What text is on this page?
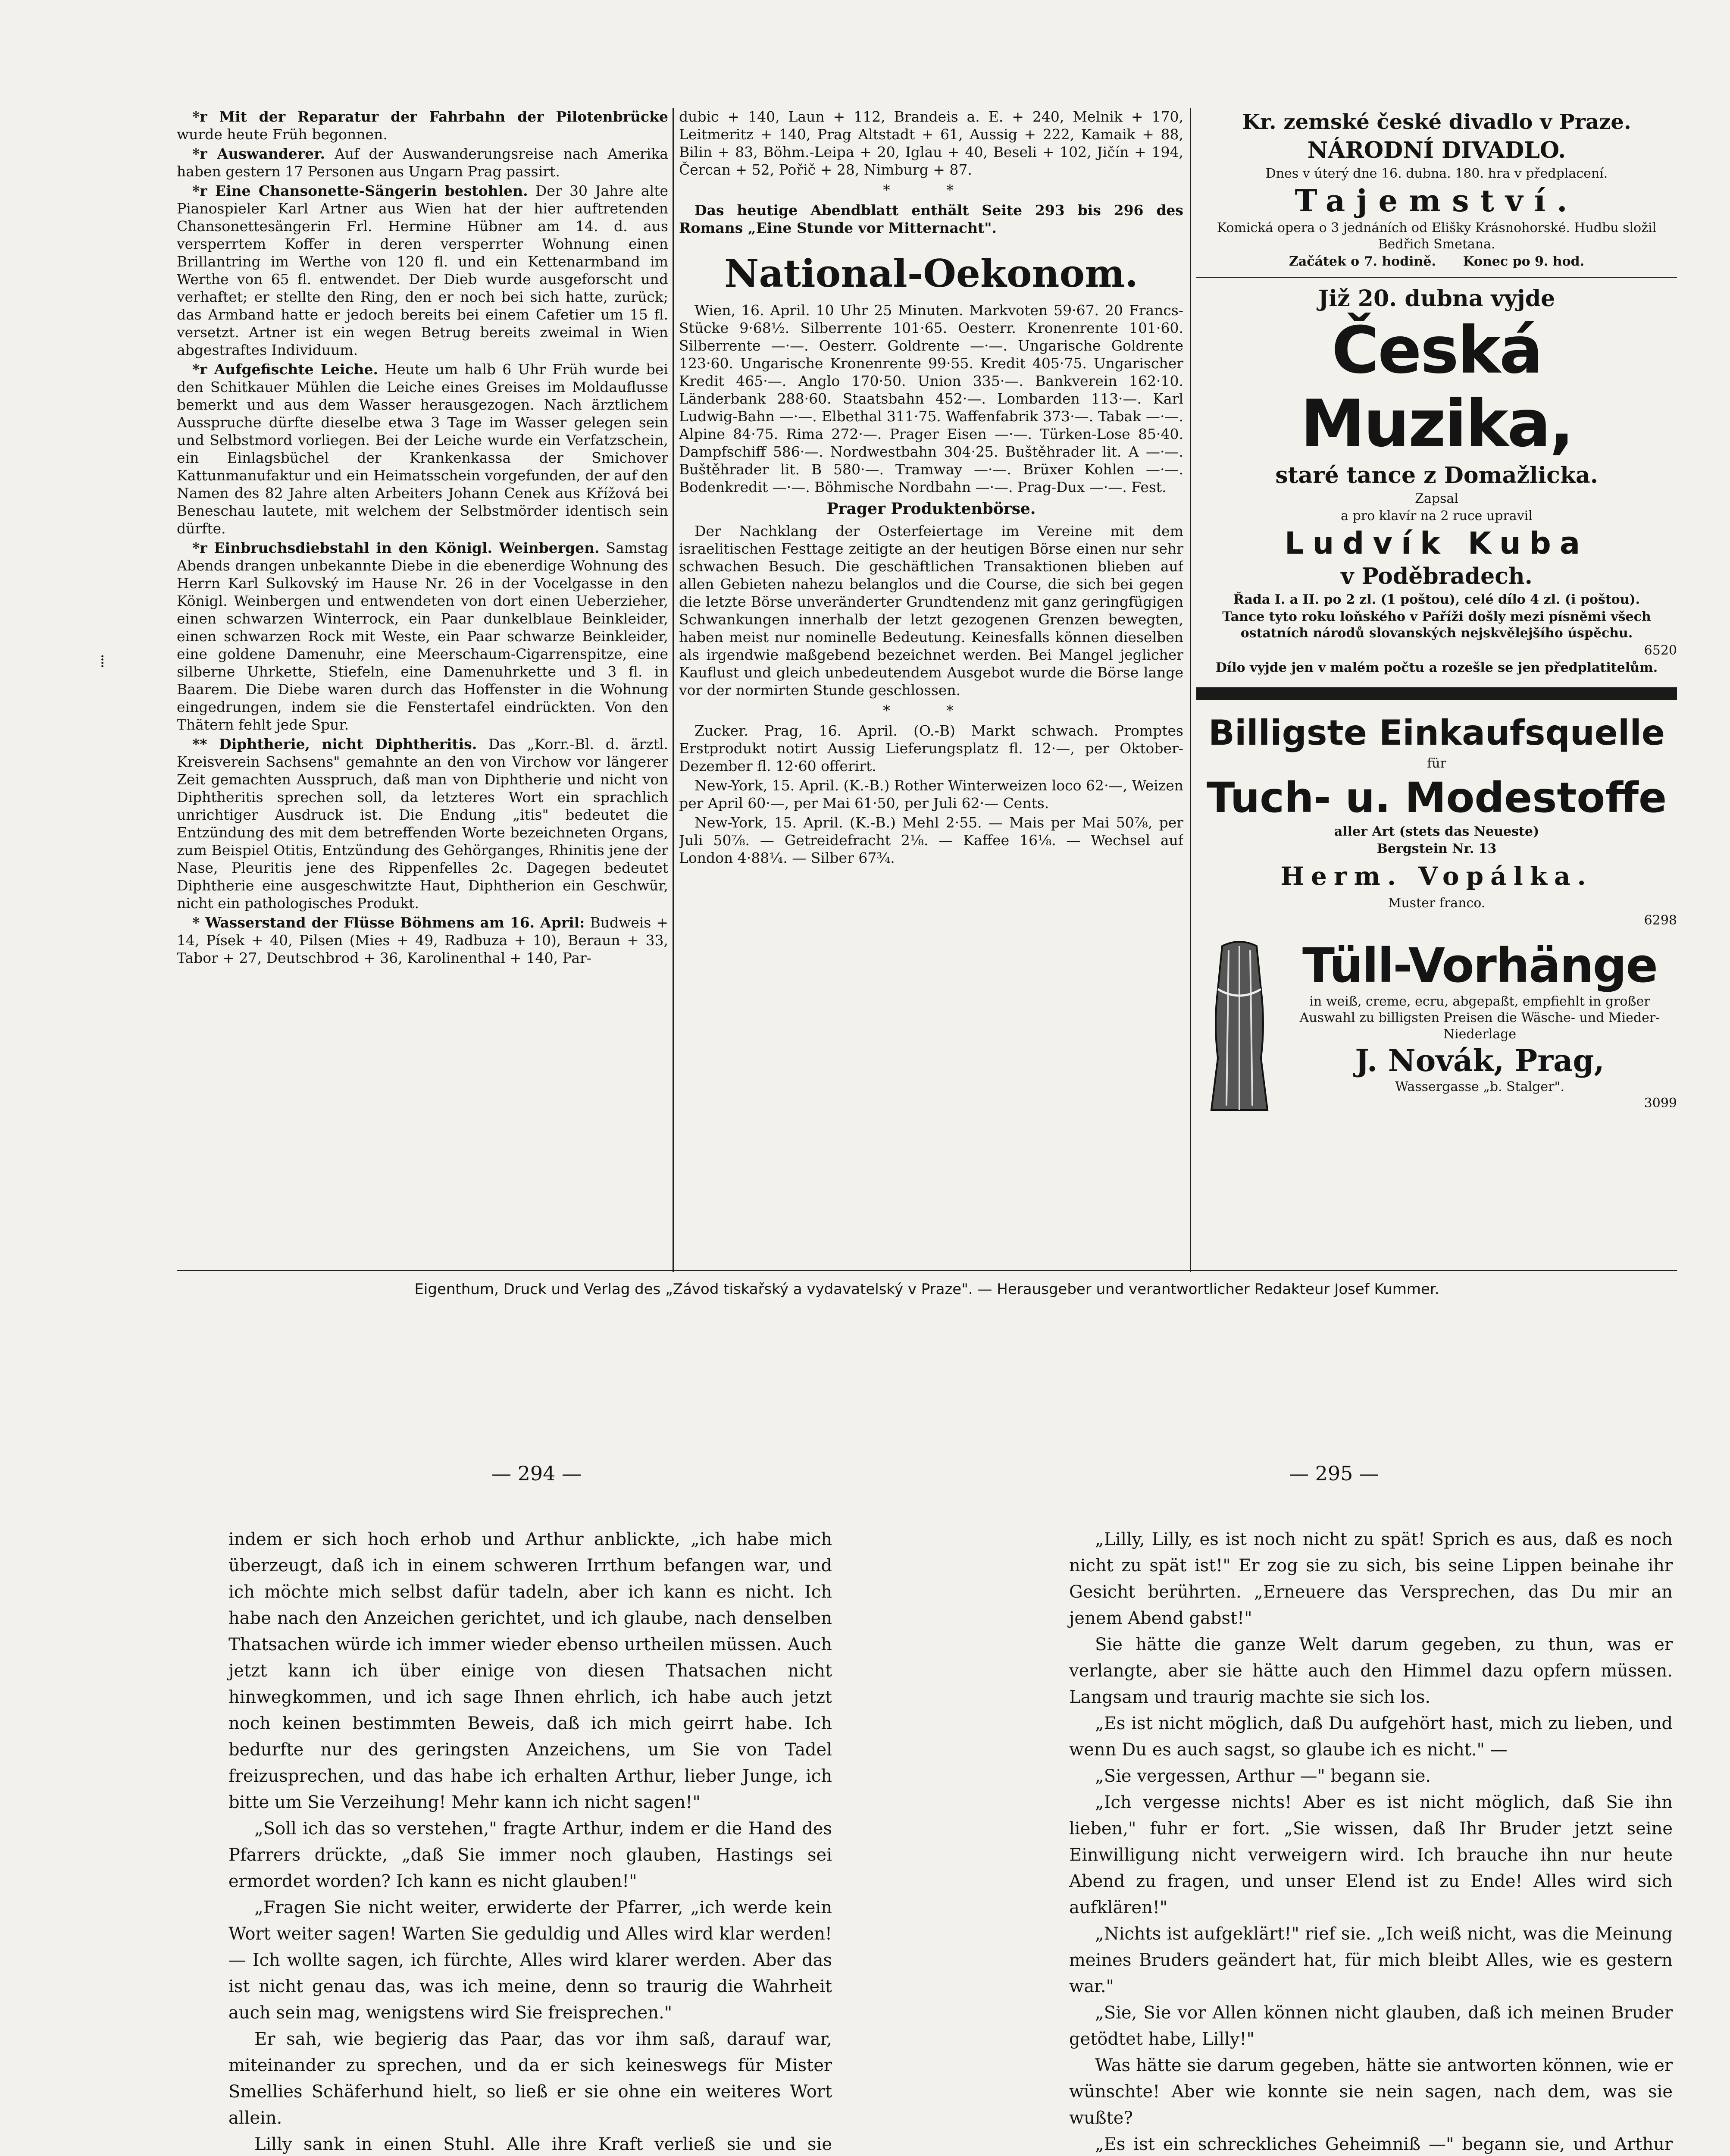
*r Mit der Reparatur der Fahrbahn der Pilotenbrücke wurde heute Früh begonnen.

*r Auswanderer. Auf der Auswanderungsreise nach Amerika haben gestern 17 Personen aus Ungarn Prag passirt.

*r Eine Chansonette-Sängerin bestohlen. Der 30 Jahre alte Pianospieler Karl Artner aus Wien hat der hier auftretenden Chansonettesängerin Frl. Hermine Hübner am 14. d. aus versperrtem Koffer in deren versperrter Wohnung einen Brillantring im Werthe von 120 fl. und ein Kettenarmband im Werthe von 65 fl. entwendet. Der Dieb wurde ausgeforscht und verhaftet; er stellte den Ring, den er noch bei sich hatte, zurück; das Armband hatte er jedoch bereits bei einem Cafetier um 15 fl. versetzt. Artner ist ein wegen Betrug bereits zweimal in Wien abgestraftes Individuum.

*r Aufgefischte Leiche. Heute um halb 6 Uhr Früh wurde bei den Schitkauer Mühlen die Leiche eines Greises im Moldauflusse bemerkt und aus dem Wasser herausgezogen. Nach ärztlichem Ausspruche dürfte dieselbe etwa 3 Tage im Wasser gelegen sein und Selbstmord vorliegen. Bei der Leiche wurde ein Verfatzschein, ein Einlagsbüchel der Krankenkassa der Smichover Kattunmanufaktur und ein Heimatsschein vorgefunden, der auf den Namen des 82 Jahre alten Arbeiters Johann Cenek aus Křížová bei Beneschau lautete, mit welchem der Selbstmörder identisch sein dürfte.

*r Einbruchsdiebstahl in den Königl. Weinbergen. Samstag Abends drangen unbekannte Diebe in die ebenerdige Wohnung des Herrn Karl Sulkovský im Hause Nr. 26 in der Vocelgasse in den Königl. Weinbergen und entwendeten von dort einen Ueberzieher, einen schwarzen Winterrock, ein Paar dunkelblaue Beinkleider, einen schwarzen Rock mit Weste, ein Paar schwarze Beinkleider, eine goldene Damenuhr, eine Meerschaum-Cigarrenspitze, eine silberne Uhrkette, Stiefeln, eine Damenuhrkette und 3 fl. in Baarem. Die Diebe waren durch das Hoffenster in die Wohnung eingedrungen, indem sie die Fenstertafel eindrückten. Von den Thätern fehlt jede Spur.

** Diphtherie, nicht Diphtheritis. Das „Korr.-Bl. d. ärztl. Kreisverein Sachsens" gemahnte an den von Virchow vor längerer Zeit gemachten Ausspruch, daß man von Diphtherie und nicht von Diphtheritis sprechen soll, da letzteres Wort ein sprachlich unrichtiger Ausdruck ist. Die Endung „itis" bedeutet die Entzündung des mit dem betreffenden Worte bezeichneten Organs, zum Beispiel Otitis, Entzündung des Gehörganges, Rhinitis jene der Nase, Pleuritis jene des Rippenfelles 2c. Dagegen bedeutet Diphtherie eine ausgeschwitzte Haut, Diphtherion ein Geschwür, nicht ein pathologisches Produkt.

* Wasserstand der Flüsse Böhmens am 16. April: Budweis + 14, Písek + 40, Pilsen (Mies + 49, Radbuza + 10), Beraun + 33, Tabor + 27, Deutschbrod + 36, Karolinenthal + 140, Par-

dubic + 140, Laun + 112, Brandeis a. E. + 240, Melnik + 170, Leitmeritz + 140, Prag Altstadt + 61, Aussig + 222, Kamaik + 88, Bilin + 83, Böhm.-Leipa + 20, Iglau + 40, Beseli + 102, Jičín + 194, Čercan + 52, Pořič + 28, Nimburg + 87.

* *

Das heutige Abendblatt enthält Seite 293 bis 296 des Romans „Eine Stunde vor Mitternacht".

National-Oekonom.

Wien, 16. April. 10 Uhr 25 Minuten. Markvoten 59·67. 20 Francs-Stücke 9·68½. Silberrente 101·65. Oesterr. Kronenrente 101·60. Silberrente —·—. Oesterr. Goldrente —·—. Ungarische Goldrente 123·60. Ungarische Kronenrente 99·55. Kredit 405·75. Ungarischer Kredit 465·—. Anglo 170·50. Union 335·—. Bankverein 162·10. Länderbank 288·60. Staatsbahn 452·—. Lombarden 113·—. Karl Ludwig-Bahn —·—. Elbethal 311·75. Waffenfabrik 373·—. Tabak —·—. Alpine 84·75. Rima 272·—. Prager Eisen —·—. Türken-Lose 85·40. Dampfschiff 586·—. Nordwestbahn 304·25. Buštěhrader lit. A —·—. Buštěhrader lit. B 580·—. Tramway —·—. Brüxer Kohlen —·—. Bodenkredit —·—. Böhmische Nordbahn —·—. Prag-Dux —·—. Fest.

Prager Produktenbörse.

Der Nachklang der Osterfeiertage im Vereine mit dem israelitischen Festtage zeitigte an der heutigen Börse einen nur sehr schwachen Besuch. Die geschäftlichen Transaktionen blieben auf allen Gebieten nahezu belanglos und die Course, die sich bei gegen die letzte Börse unveränderter Grundtendenz mit ganz geringfügigen Schwankungen innerhalb der letzt gezogenen Grenzen bewegten, haben meist nur nominelle Bedeutung. Keinesfalls können dieselben als irgendwie maßgebend bezeichnet werden. Bei Mangel jeglicher Kauflust und gleich unbedeutendem Ausgebot wurde die Börse lange vor der normirten Stunde geschlossen.

* *

Zucker. Prag, 16. April. (O.-B) Markt schwach. Promptes Erstprodukt notirt Aussig Lieferungsplatz fl. 12·—, per Oktober-Dezember fl. 12·60 offerirt.

New-York, 15. April. (K.-B.) Rother Winterweizen loco 62·—, Weizen per April 60·—, per Mai 61·50, per Juli 62·— Cents.

New-York, 15. April. (K.-B.) Mehl 2·55. — Mais per Mai 50⅞, per Juli 50⅞. — Getreidefracht 2⅛. — Kaffee 16⅛. — Wechsel auf London 4·88¼. — Silber 67¾.

Kr. zemské české divadlo v Praze.
NÁRODNÍ DIVADLO.
Dnes v úterý dne 16. dubna. 180. hra v předplacení.
Tajemství.
Komická opera o 3 jednáních od Elišky Krásnohorské. Hudbu složil Bedřich Smetana.
Začátek o 7. hodině.      Konec po 9. hod.
Již 20. dubna vyjde
Česká Muzika,
staré tance z Domažlicka.
Zapsal
a pro klavír na 2 ruce upravil
Ludvík Kuba
v Poděbradech.
Řada I. a II. po 2 zl. (1 poštou), celé dílo 4 zl. (i poštou).
Tance tyto roku loňského v Paříži došly mezi písněmi všech ostatních národů slovanských nejskvělejšího úspěchu.
6520
Dílo vyjde jen v malém počtu a rozešle se jen předplatitelům.
Billigste Einkaufsquelle
für
Tuch- u. Modestoffe
aller Art (stets das Neueste)
Bergstein Nr. 13
Herm. Vopálka.
Muster franco.
6298
Tüll-Vorhänge
in weiß, creme, ecru, abgepaßt, empfiehlt in großer Auswahl zu billigsten Preisen die Wäsche- und Mieder-Niederlage
J. Novák, Prag,
Wassergasse „b. Stalger".
3099
Eigenthum, Druck und Verlag des „Závod tiskařský a vydavatelský v Praze". — Herausgeber und verantwortlicher Redakteur Josef Kummer.
⁞
— 294 —	— 295 —

indem er sich hoch erhob und Arthur anblickte, „ich habe mich überzeugt, daß ich in einem schweren Irrthum befangen war, und ich möchte mich selbst dafür tadeln, aber ich kann es nicht. Ich habe nach den Anzeichen gerichtet, und ich glaube, nach denselben Thatsachen würde ich immer wieder ebenso urtheilen müssen. Auch jetzt kann ich über einige von diesen Thatsachen nicht hinwegkommen, und ich sage Ihnen ehrlich, ich habe auch jetzt noch keinen bestimmten Beweis, daß ich mich geirrt habe. Ich bedurfte nur des geringsten Anzeichens, um Sie von Tadel freizusprechen, und das habe ich erhalten Arthur, lieber Junge, ich bitte um Sie Verzeihung! Mehr kann ich nicht sagen!"

„Soll ich das so verstehen," fragte Arthur, indem er die Hand des Pfarrers drückte, „daß Sie immer noch glauben, Hastings sei ermordet worden? Ich kann es nicht glauben!"

„Fragen Sie nicht weiter, erwiderte der Pfarrer, „ich werde kein Wort weiter sagen! Warten Sie geduldig und Alles wird klar werden! — Ich wollte sagen, ich fürchte, Alles wird klarer werden. Aber das ist nicht genau das, was ich meine, denn so traurig die Wahrheit auch sein mag, wenigstens wird Sie freisprechen."

Er sah, wie begierig das Paar, das vor ihm saß, darauf war, miteinander zu sprechen, und da er sich keineswegs für Mister Smellies Schäferhund hielt, so ließ er sie ohne ein weiteres Wort allein.

Lilly sank in einen Stuhl. Alle ihre Kraft verließ sie und sie

„Lilly, Lilly, es ist noch nicht zu spät! Sprich es aus, daß es noch nicht zu spät ist!" Er zog sie zu sich, bis seine Lippen beinahe ihr Gesicht berührten. „Erneuere das Versprechen, das Du mir an jenem Abend gabst!"

Sie hätte die ganze Welt darum gegeben, zu thun, was er verlangte, aber sie hätte auch den Himmel dazu opfern müssen. Langsam und traurig machte sie sich los.

„Es ist nicht möglich, daß Du aufgehört hast, mich zu lieben, und wenn Du es auch sagst, so glaube ich es nicht." —

„Sie vergessen, Arthur —" begann sie.

„Ich vergesse nichts! Aber es ist nicht möglich, daß Sie ihn lieben," fuhr er fort. „Sie wissen, daß Ihr Bruder jetzt seine Einwilligung nicht verweigern wird. Ich brauche ihn nur heute Abend zu fragen, und unser Elend ist zu Ende! Alles wird sich aufklären!"

„Nichts ist aufgeklärt!" rief sie. „Ich weiß nicht, was die Meinung meines Bruders geändert hat, für mich bleibt Alles, wie es gestern war."

„Sie, Sie vor Allen können nicht glauben, daß ich meinen Bruder getödtet habe, Lilly!"

Was hätte sie darum gegeben, hätte sie antworten können, wie er wünschte! Aber wie konnte sie nein sagen, nach dem, was sie wußte?

„Es ist ein schreckliches Geheimniß —" begann sie, und Arthur
